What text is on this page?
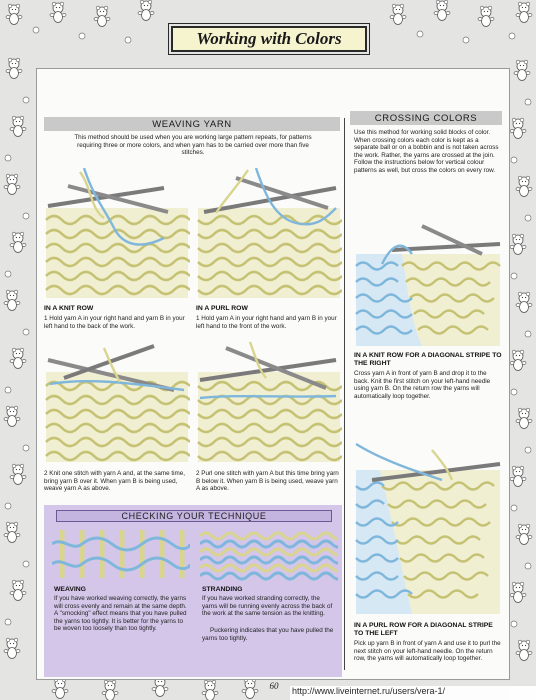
Working with Colors
WEAVING YARN
This method should be used when you are working large pattern repeats, for patterns requiring three or more colors, and when yarn has to be carried over more than five stitches.
IN A KNIT ROW
1 Hold yarn A in your right hand and yarn B in your left hand to the back of the work.
IN A PURL ROW
1 Hold yarn A in your right hand and yarn B in your left hand to the front of the work.
2 Knit one stitch with yarn A and, at the same time, bring yarn B over it. When yarn B is being used, weave yarn A as above.
2 Purl one stitch with yarn A but this time bring yarn B below it. When yarn B is being used, weave yarn A as above.
CHECKING YOUR TECHNIQUE
WEAVING
If you have worked weaving correctly, the yarns will cross evenly and remain at the same depth. A "smocking" effect means that you have pulled the yarns too tightly. It is better for the yarns to be woven too loosely than too tightly.
STRANDING
If you have worked stranding correctly, the yarns will be running evenly across the back of the work at the same tension as the knitting.
Puckering indicates that you have pulled the yarns too tightly.
CROSSING COLORS
Use this method for working solid blocks of color. When crossing colors each color is kept as a separate ball or on a bobbin and is not taken across the work. Rather, the yarns are crossed at the join. Follow the instructions below for vertical colour patterns as well, but cross the colors on every row.
IN A KNIT ROW FOR A DIAGONAL STRIPE TO THE RIGHT
Cross yarn A in front of yarn B and drop it to the back. Knit the first stitch on your left-hand needle using yarn B. On the return row the yarns will automatically loop together.
IN A PURL ROW FOR A DIAGONAL STRIPE TO THE LEFT
Pick up yarn B in front of yarn A and use it to purl the next stitch on your left-hand needle. On the return row, the yarns will automatically loop together.
60	http://www.liveinternet.ru/users/vera-1/
